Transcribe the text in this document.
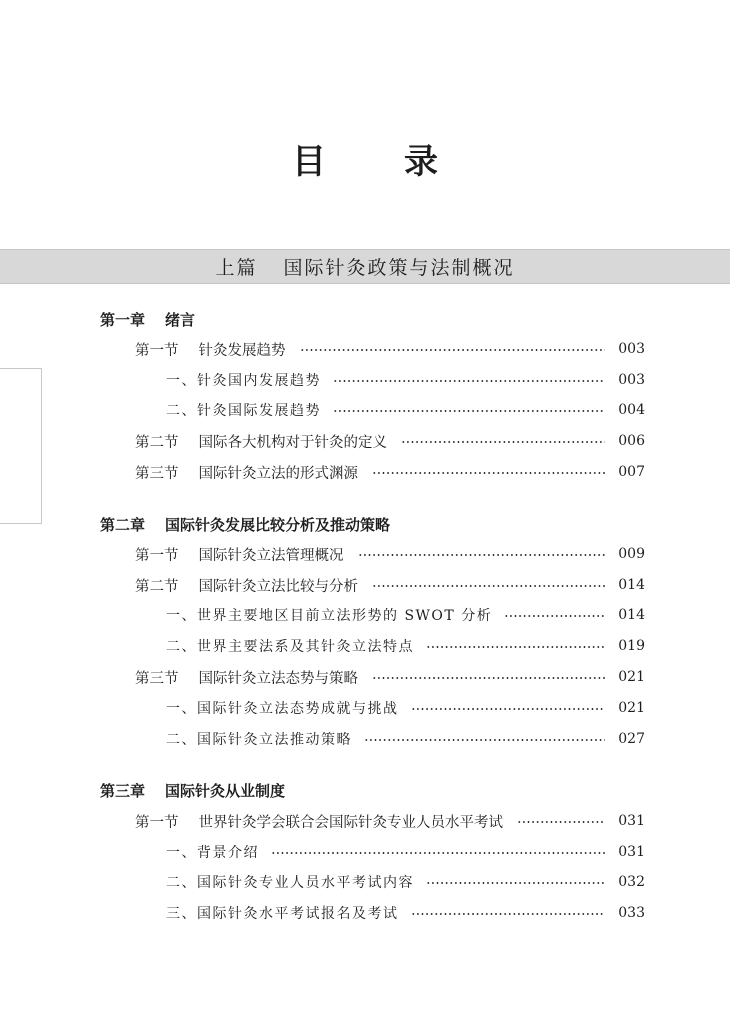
目　录
上篇 国际针灸政策与法制概况
第一章 绪言
第一节 针灸发展趋势	003
一、 针灸国内发展趋势	003
二、 针灸国际发展趋势	004
第二节 国际各大机构对于针灸的定义	006
第三节 国际针灸立法的形式渊源	007
第二章 国际针灸发展比较分析及推动策略
第一节 国际针灸立法管理概况	009
第二节 国际针灸立法比较与分析	014
一、 世界主要地区目前立法形势的 SWOT 分析	014
二、 世界主要法系及其针灸立法特点	019
第三节 国际针灸立法态势与策略	021
一、 国际针灸立法态势成就与挑战	021
二、 国际针灸立法推动策略	027
第三章 国际针灸从业制度
第一节 世界针灸学会联合会国际针灸专业人员水平考试	031
一、 背景介绍	031
二、 国际针灸专业人员水平考试内容	032
三、 国际针灸水平考试报名及考试	033
